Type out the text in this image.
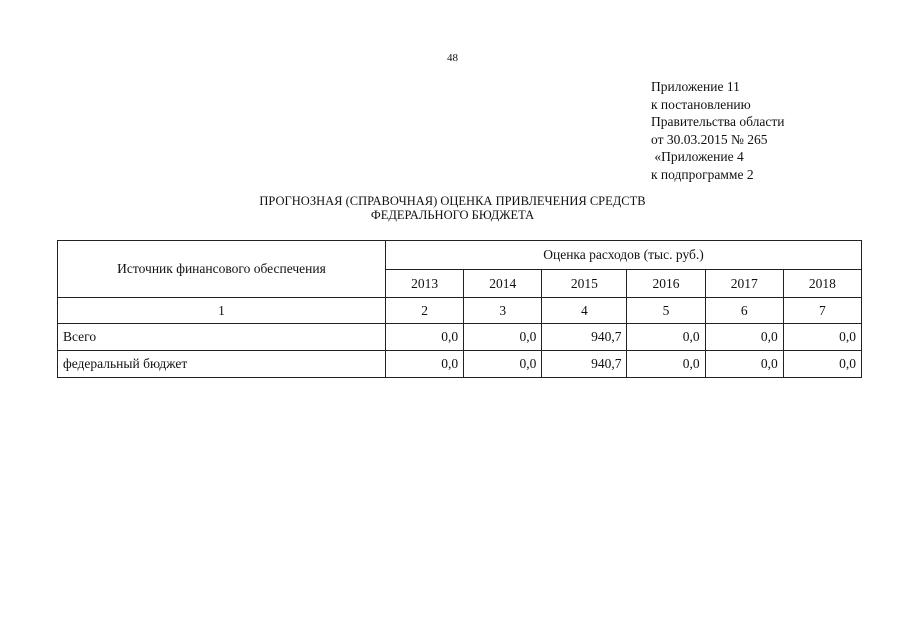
48
Приложение 11
к постановлению
Правительства области
от 30.03.2015 № 265
«Приложение 4
к подпрограмме 2
ПРОГНОЗНАЯ (СПРАВОЧНАЯ) ОЦЕНКА ПРИВЛЕЧЕНИЯ СРЕДСТВ
ФЕДЕРАЛЬНОГО БЮДЖЕТА
Источник финансового обеспечения	Оценка расходов (тыс. руб.)					
	2013	2014	2015	2016	2017	2018
1	2	3	4	5	6	7
Всего	0,0	0,0	940,7	0,0	0,0	0,0
федеральный бюджет	0,0	0,0	940,7	0,0	0,0	0,0
